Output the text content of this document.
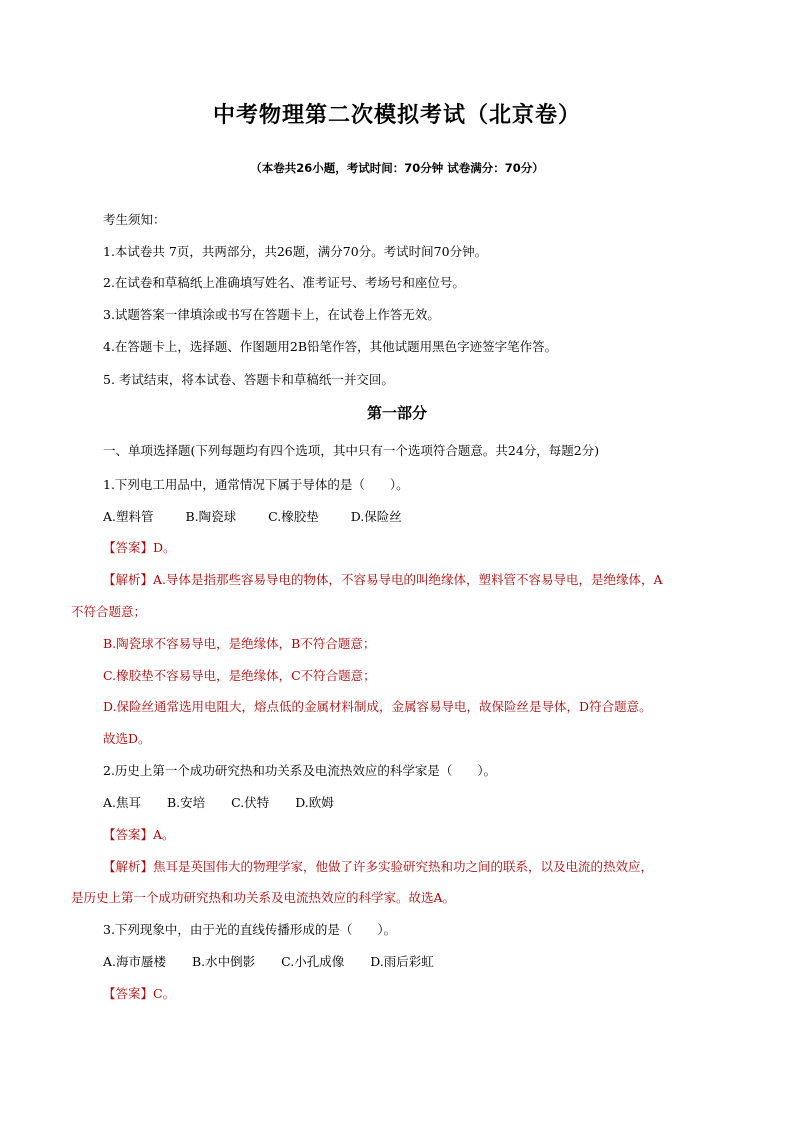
中考物理第二次模拟考试（北京卷）
（本卷共26小题，考试时间：70分钟 试卷满分：70分）
考生须知：
1.本试卷共 7页，共两部分，共26题，满分70分。考试时间70分钟。
2.在试卷和草稿纸上准确填写姓名、准考证号、考场号和座位号。
3.试题答案一律填涂或书写在答题卡上，在试卷上作答无效。
4.在答题卡上，选择题、作图题用2B铅笔作答，其他试题用黑色字迹签字笔作答。
5. 考试结束，将本试卷、答题卡和草稿纸一并交回。
第一部分
一、单项选择题(下列每题均有四个选项，其中只有一个选项符合题意。共24分，每题2分)
1.下列电工用品中，通常情况下属于导体的是（　　）。
A.塑料管	B.陶瓷球	C.橡胶垫	D.保险丝
【答案】D。
【解析】A.导体是指那些容易导电的物体，不容易导电的叫绝缘体，塑料管不容易导电，是绝缘体，A
不符合题意；
B.陶瓷球不容易导电，是绝缘体，B不符合题意；
C.橡胶垫不容易导电，是绝缘体，C不符合题意；
D.保险丝通常选用电阻大，熔点低的金属材料制成，金属容易导电，故保险丝是导体，D符合题意。
故选D。
2.历史上第一个成功研究热和功关系及电流热效应的科学家是（　　）。
A.焦耳 B.安培 C.伏特 D.欧姆
【答案】A。
【解析】焦耳是英国伟大的物理学家，他做了许多实验研究热和功之间的联系，以及电流的热效应，
是历史上第一个成功研究热和功关系及电流热效应的科学家。故选A。
3.下列现象中，由于光的直线传播形成的是（　　）。
A.海市蜃楼 B.水中倒影 C.小孔成像 D.雨后彩虹
【答案】C。
